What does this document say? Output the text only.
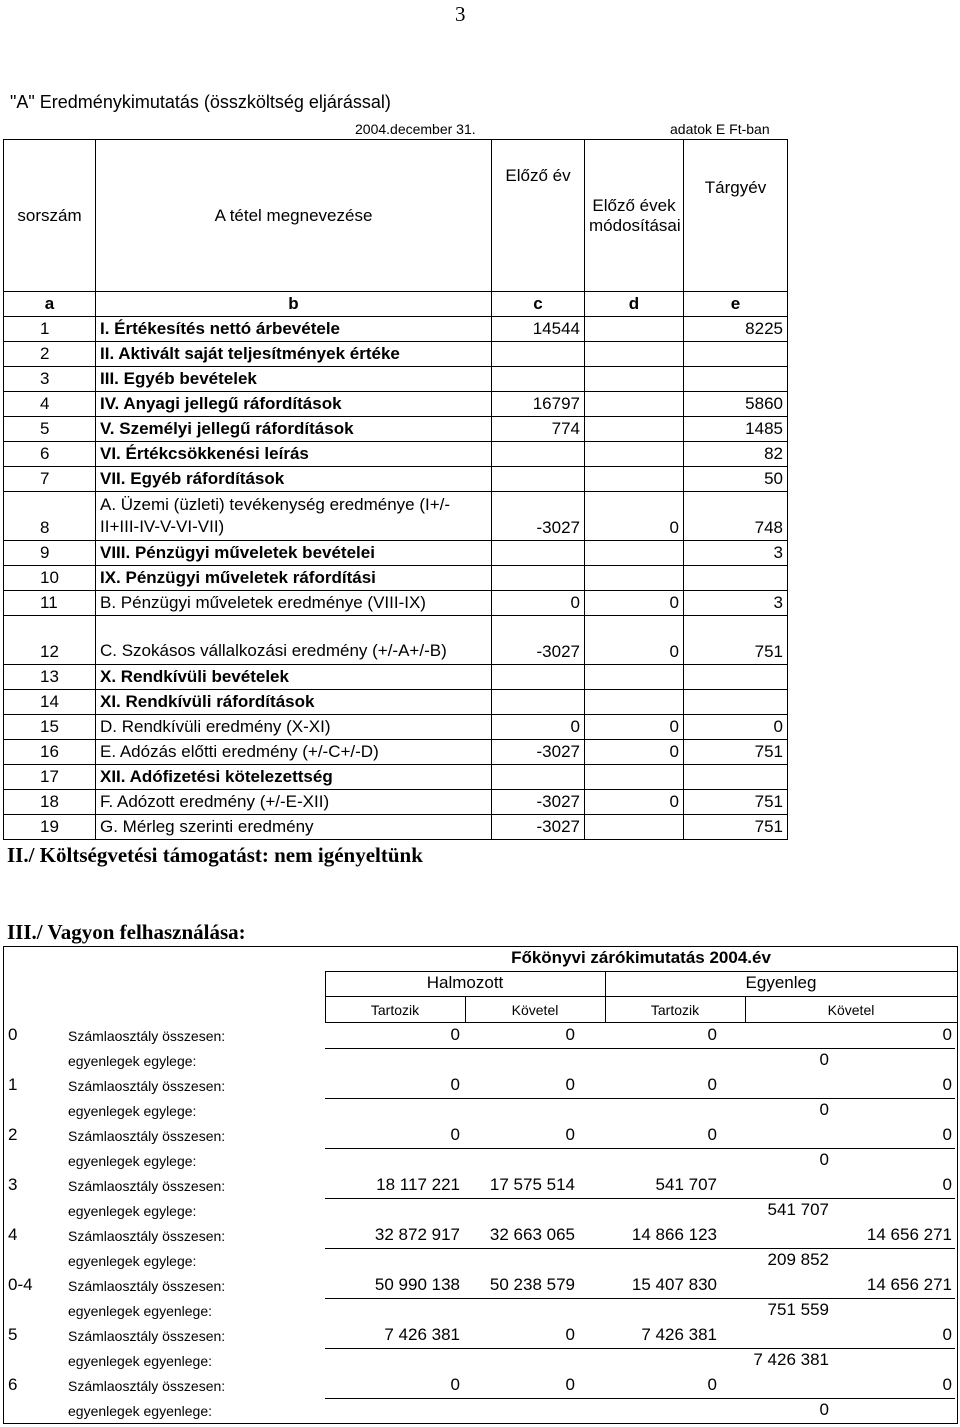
3
"A" Eredménykimutatás (összköltség eljárással)
2004.december 31.	adatok E Ft-ban
sorszám	A tétel megnevezése	Előző év	Előző évek módosításai	Tárgyév
a	b	c	d	e
1	I. Értékesítés nettó árbevétele	14544		8225
2	II. Aktivált saját teljesítmények értéke			
3	III. Egyéb bevételek			
4	IV. Anyagi jellegű ráfordítások	16797		5860
5	V. Személyi jellegű ráfordítások	774		1485
6	VI. Értékcsökkenési leírás			82
7	VII. Egyéb ráfordítások			50
8	A. Üzemi (üzleti) tevékenység eredménye (I+/-II+III-IV-V-VI-VII)	-3027	0	748
9	VIII. Pénzügyi műveletek bevételei			3
10	IX. Pénzügyi műveletek ráfordítási			
11	B. Pénzügyi műveletek eredménye (VIII-IX)	0	0	3
12	C. Szokásos vállalkozási eredmény (+/-A+/-B)	-3027	0	751
13	X. Rendkívüli bevételek			
14	XI. Rendkívüli ráfordítások			
15	D. Rendkívüli eredmény (X-XI)	0	0	0
16	E. Adózás előtti eredmény (+/-C+/-D)	-3027	0	751
17	XII. Adófizetési kötelezettség			
18	F. Adózott eredmény (+/-E-XII)	-3027	0	751
19	G. Mérleg szerinti eredmény	-3027		751
II./ Költségvetési támogatást: nem igényeltünk
III./ Vagyon felhasználása:
Főkönyvi zárókimutatás 2004.év
Halmozott	Egyenleg
Tartozik	Követel	Tartozik	Követel
0	Számlaosztály összesen:	0	0	0	0
egyenlegek egylege:	0
1	Számlaosztály összesen:	0	0	0	0
egyenlegek egylege:	0
2	Számlaosztály összesen:	0	0	0	0
egyenlegek egylege:	0
3	Számlaosztály összesen:	18 117 221	17 575 514	541 707	0
egyenlegek egylege:	541 707
4	Számlaosztály összesen:	32 872 917	32 663 065	14 866 123	14 656 271
egyenlegek egylege:	209 852
0-4	Számlaosztály összesen:	50 990 138	50 238 579	15 407 830	14 656 271
egyenlegek egyenlege:	751 559
5	Számlaosztály összesen:	7 426 381	0	7 426 381	0
egyenlegek egyenlege:	7 426 381
6	Számlaosztály összesen:	0	0	0	0
egyenlegek egyenlege:	0
